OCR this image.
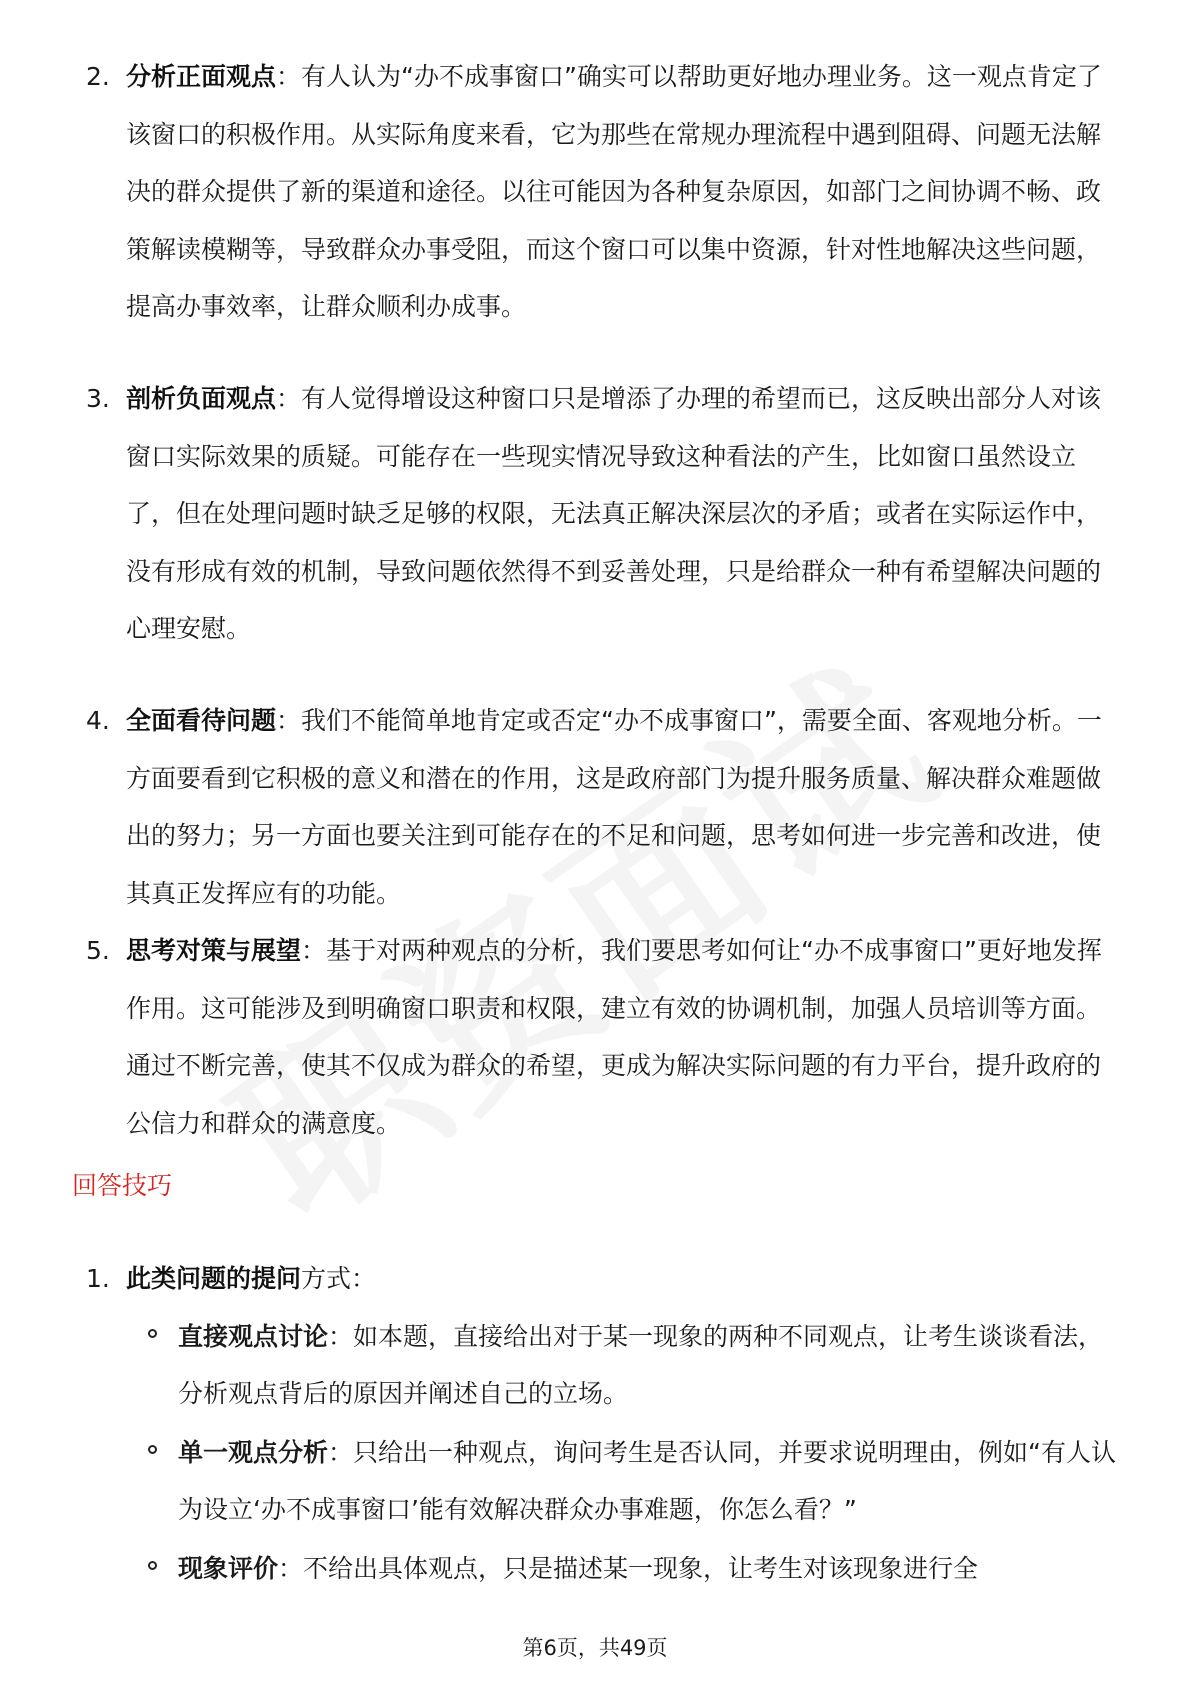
2. 分析正面观点：有人认为“办不成事窗口”确实可以帮助更好地办理业务。这一观点肯定了该窗口的积极作用。从实际角度来看，它为那些在常规办理流程中遇到阻碍、问题无法解决的群众提供了新的渠道和途径。以往可能因为各种复杂原因，如部门之间协调不畅、政策解读模糊等，导致群众办事受阻，而这个窗口可以集中资源，针对性地解决这些问题，提高办事效率，让群众顺利办成事。
3. 剖析负面观点：有人觉得增设这种窗口只是增添了办理的希望而已，这反映出部分人对该窗口实际效果的质疑。可能存在一些现实情况导致这种看法的产生，比如窗口虽然设立了，但在处理问题时缺乏足够的权限，无法真正解决深层次的矛盾；或者在实际运作中，没有形成有效的机制，导致问题依然得不到妥善处理，只是给群众一种有希望解决问题的心理安慰。
4. 全面看待问题：我们不能简单地肯定或否定“办不成事窗口”，需要全面、客观地分析。一方面要看到它积极的意义和潜在的作用，这是政府部门为提升服务质量、解决群众难题做出的努力；另一方面也要关注到可能存在的不足和问题，思考如何进一步完善和改进，使其真正发挥应有的功能。
5. 思考对策与展望：基于对两种观点的分析，我们要思考如何让“办不成事窗口”更好地发挥作用。这可能涉及到明确窗口职责和权限，建立有效的协调机制，加强人员培训等方面。通过不断完善，使其不仅成为群众的希望，更成为解决实际问题的有力平台，提升政府的公信力和群众的满意度。
回答技巧
1. 此类问题的提问方式：
直接观点讨论：如本题，直接给出对于某一现象的两种不同观点，让考生谈谈看法，分析观点背后的原因并阐述自己的立场。
单一观点分析：只给出一种观点，询问考生是否认同，并要求说明理由，例如“有人认为设立‘办不成事窗口’能有效解决群众办事难题，你怎么看？”
现象评价：不给出具体观点，只是描述某一现象，让考生对该现象进行全
第6页，共49页
